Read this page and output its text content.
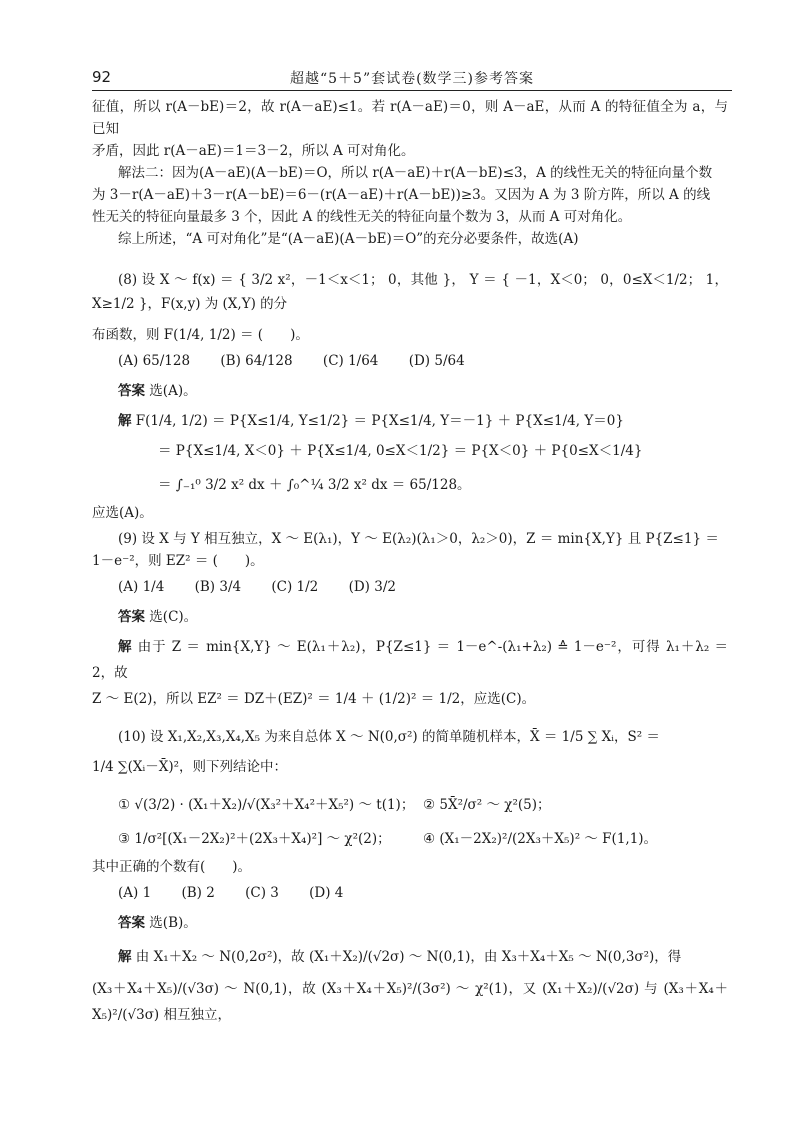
92	超越“5＋5”套试卷(数学三)参考答案

征值，所以 r(A－bE)＝2，故 r(A－aE)≤1。若 r(A－aE)＝0，则 A－aE，从而 A 的特征值全为 a，与已知

矛盾，因此 r(A－aE)＝1＝3－2，所以 A 可对角化。

解法二：因为(A－aE)(A－bE)＝O，所以 r(A－aE)＋r(A－bE)≤3，A 的线性无关的特征向量个数

为 3－r(A－aE)＋3－r(A－bE)＝6－(r(A－aE)＋r(A－bE))≥3。又因为 A 为 3 阶方阵，所以 A 的线

性无关的特征向量最多 3 个，因此 A 的线性无关的特征向量个数为 3，从而 A 可对角化。

综上所述，“A 可对角化”是“(A－aE)(A－bE)＝O”的充分必要条件，故选(A)

(8) 设 X ～ f(x) ＝ { 3/2 x²，－1＜x＜1； 0，其他 }， Y ＝ { －1，X＜0； 0，0≤X＜1/2； 1，X≥1/2 }，F(x,y) 为 (X,Y) 的分

布函数，则 F(1/4, 1/2) ＝ (　　)。

(A) 65/128 (B) 64/128 (C) 1/64 (D) 5/64

答案 选(A)。

解 F(1/4, 1/2) ＝ P{X≤1/4, Y≤1/2} ＝ P{X≤1/4, Y＝－1} ＋ P{X≤1/4, Y＝0}

＝ P{X≤1/4, X＜0} ＋ P{X≤1/4, 0≤X＜1/2} ＝ P{X＜0} ＋ P{0≤X＜1/4}

＝ ∫₋₁⁰ 3/2 x² dx ＋ ∫₀^¼ 3/2 x² dx ＝ 65/128。

应选(A)。

(9) 设 X 与 Y 相互独立，X ～ E(λ₁)，Y ～ E(λ₂)(λ₁＞0，λ₂＞0)，Z ＝ min{X,Y} 且 P{Z≤1} ＝

1－e⁻²，则 EZ² ＝ (　　)。

(A) 1/4 (B) 3/4 (C) 1/2 (D) 3/2

答案 选(C)。

解 由于 Z ＝ min{X,Y} ～ E(λ₁＋λ₂)，P{Z≤1} ＝ 1－e^-(λ₁+λ₂) ≙ 1－e⁻²，可得 λ₁＋λ₂ ＝ 2，故

Z ～ E(2)，所以 EZ² ＝ DZ＋(EZ)² ＝ 1/4 ＋ (1/2)² ＝ 1/2，应选(C)。

(10) 设 X₁,X₂,X₃,X₄,X₅ 为来自总体 X ～ N(0,σ²) 的简单随机样本，X̄ ＝ 1/5 ∑ Xᵢ，S² ＝

1/4 ∑(Xᵢ－X̄)²，则下列结论中：

① √(3/2) · (X₁＋X₂)/√(X₃²＋X₄²＋X₅²) ～ t(1)； ② 5X̄²/σ² ～ χ²(5)；
③ 1/σ²[(X₁－2X₂)²＋(2X₃＋X₄)²] ～ χ²(2)；	④ (X₁－2X₂)²/(2X₃＋X₅)² ～ F(1,1)。

其中正确的个数有(　　)。

(A) 1 (B) 2 (C) 3 (D) 4

答案 选(B)。

解 由 X₁＋X₂ ～ N(0,2σ²)，故 (X₁＋X₂)/(√2σ) ～ N(0,1)，由 X₃＋X₄＋X₅ ～ N(0,3σ²)，得

(X₃＋X₄＋X₅)/(√3σ) ～ N(0,1)，故 (X₃＋X₄＋X₅)²/(3σ²) ～ χ²(1)，又 (X₁＋X₂)/(√2σ) 与 (X₃＋X₄＋X₅)²/(√3σ) 相互独立，
